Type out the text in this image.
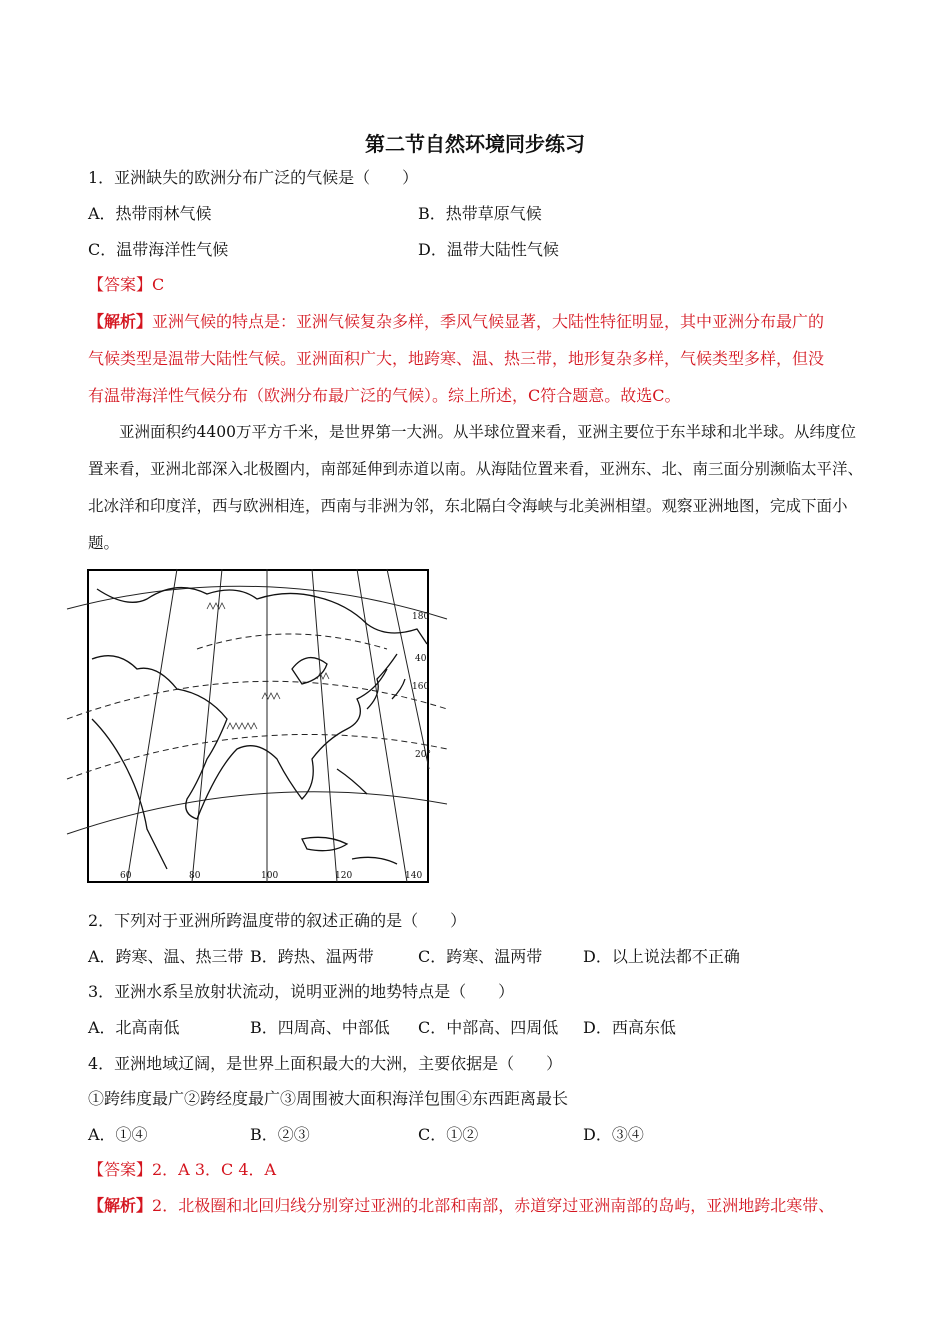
第二节自然环境同步练习
1．亚洲缺失的欧洲分布广泛的气候是（　　）
A．热带雨林气候	B．热带草原气候
C．温带海洋性气候	D．温带大陆性气候
【答案】C
【解析】亚洲气候的特点是：亚洲气候复杂多样，季风气候显著，大陆性特征明显，其中亚洲分布最广的
气候类型是温带大陆性气候。亚洲面积广大，地跨寒、温、热三带，地形复杂多样，气候类型多样，但没
有温带海洋性气候分布（欧洲分布最广泛的气候）。综上所述，C符合题意。故选C。
亚洲面积约4400万平方千米，是世界第一大洲。从半球位置来看，亚洲主要位于东半球和北半球。从纬度位置来看，亚洲北部深入北极圈内，南部延伸到赤道以南。从海陆位置来看，亚洲东、北、南三面分别濒临太平洋、北冰洋和印度洋，西与欧洲相连，西南与非洲为邻，东北隔白令海峡与北美洲相望。观察亚洲地图，完成下面小题。
180
160
40
20°
60	80	100	120	140
2．下列对于亚洲所跨温度带的叙述正确的是（　　）
A．跨寒、温、热三带 B．跨热、温两带	C．跨寒、温两带	D．以上说法都不正确
3．亚洲水系呈放射状流动，说明亚洲的地势特点是（　　）
A．北高南低	B．四周高、中部低 C．中部高、四周低 D．西高东低
4．亚洲地域辽阔，是世界上面积最大的大洲，主要依据是（　　）
①跨纬度最广②跨经度最广③周围被大面积海洋包围④东西距离最长
A．①④	B．②③	C．①②	D．③④
【答案】2．A 3．C 4．A
【解析】2．北极圈和北回归线分别穿过亚洲的北部和南部，赤道穿过亚洲南部的岛屿，亚洲地跨北寒带、
